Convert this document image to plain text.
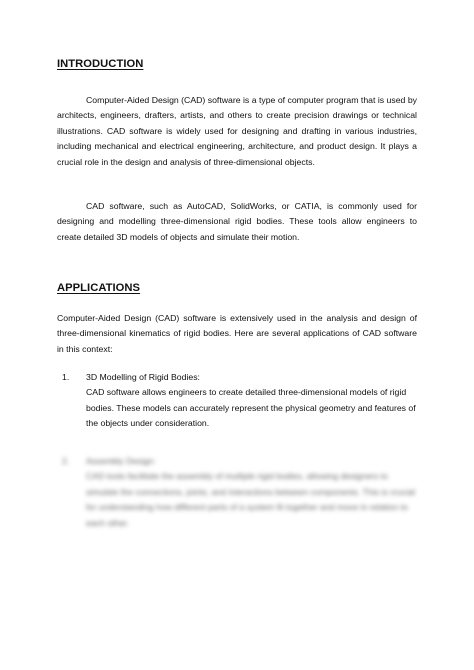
INTRODUCTION
Computer-Aided Design (CAD) software is a type of computer program that is used by architects, engineers, drafters, artists, and others to create precision drawings or technical illustrations. CAD software is widely used for designing and drafting in various industries, including mechanical and electrical engineering, architecture, and product design. It plays a crucial role in the design and analysis of three-dimensional objects.
CAD software, such as AutoCAD, SolidWorks, or CATIA, is commonly used for designing and modelling three-dimensional rigid bodies. These tools allow engineers to create detailed 3D models of objects and simulate their motion.
APPLICATIONS
Computer-Aided Design (CAD) software is extensively used in the analysis and design of three-dimensional kinematics of rigid bodies. Here are several applications of CAD software in this context:
1. 3D Modelling of Rigid Bodies:
CAD software allows engineers to create detailed three-dimensional models of rigid bodies. These models can accurately represent the physical geometry and features of the objects under consideration.
2. Assembly Design:
CAD tools facilitate the assembly of multiple rigid bodies, allowing designers to simulate the connections, joints, and interactions between components. This is crucial for understanding how different parts of a system fit together and move in relation to each other.
